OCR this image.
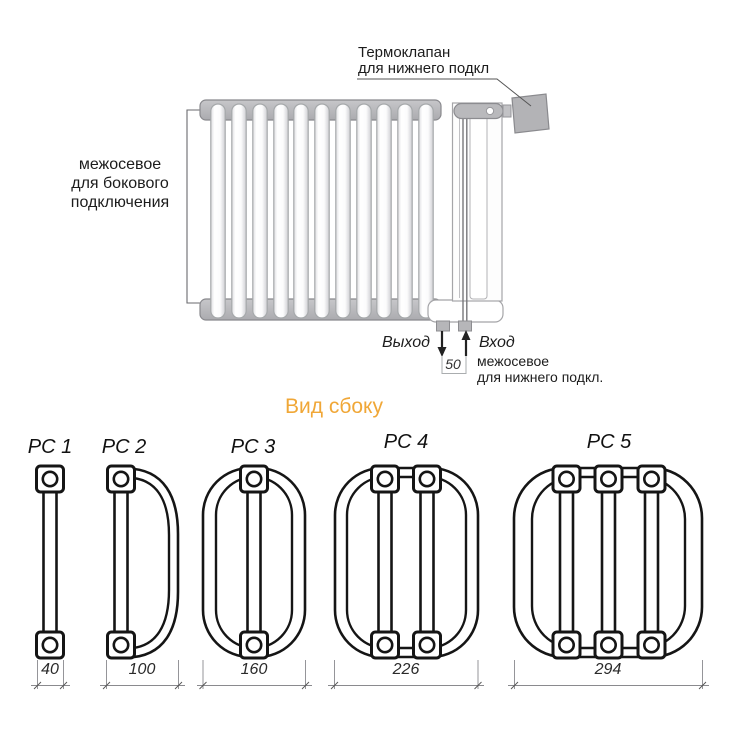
Термоклапан
для нижнего подкл
межосевое
для бокового
подключения
Выход	Вход
50	межосевое
для нижнего подкл.
Вид сбоку
РС 1	РС 2	РС 3	РС 4	РС 5
40	100	160	226	294
